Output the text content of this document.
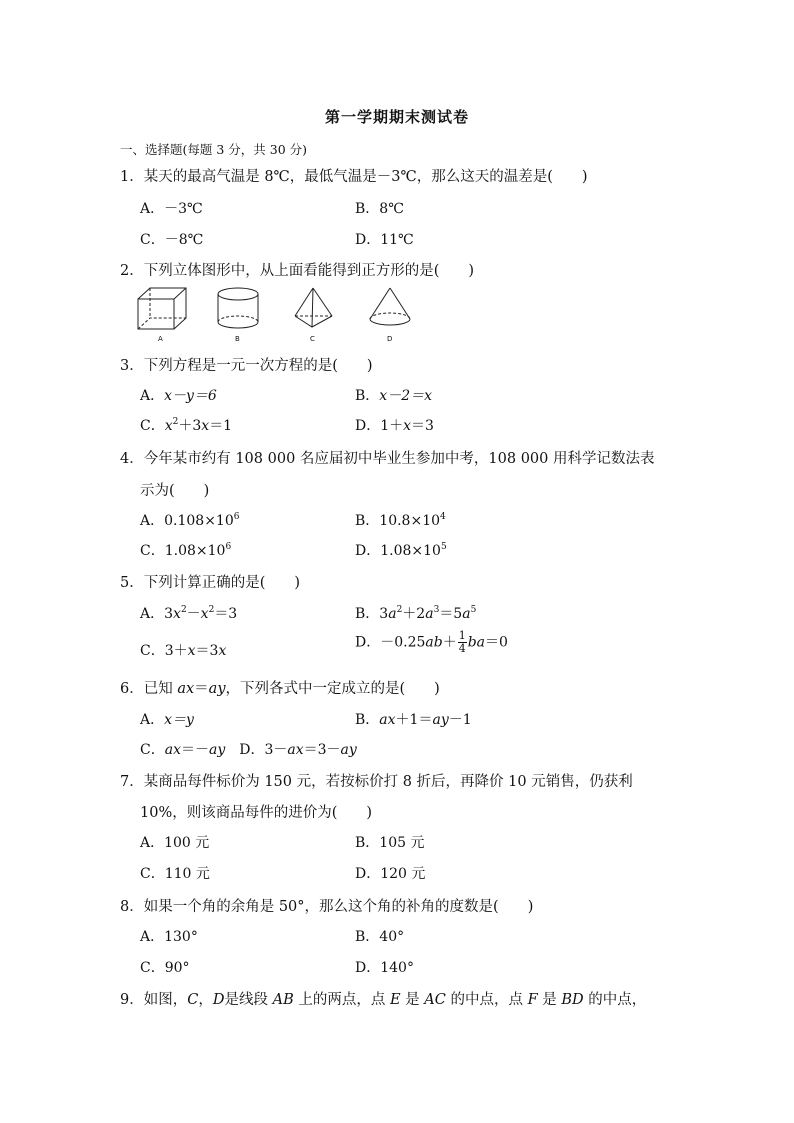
第一学期期末测试卷
一、选择题(每题 3 分，共 30 分)
1．某天的最高气温是 8℃，最低气温是－3℃，那么这天的温差是(　　)
A．－3℃	B．8℃
C．－8℃	D．11℃
2．下列立体图形中，从上面看能得到正方形的是(　　)
A	B	C	D
3．下列方程是一元一次方程的是(　　)
A．x－y＝6	B．x－2＝x
C．$x^2+3x=1$	D．1＋x＝3
4．今年某市约有 108 000 名应届初中毕业生参加中考，108 000 用科学记数法表
示为(　　)
A．$0.108\times 10^6$	B．$10.8\times 10^4$
C．$1.08\times 10^6$	D．$1.08\times 10^5$
5．下列计算正确的是(　　)
A．$3x^2-x^2=3$	B．$3a^2+2a^3=5a^5$
C．3＋x＝3x
D．$-0.25ab+ \frac{1}{4} ba=0$
6．已知 ax＝ay，下列各式中一定成立的是(　　)
A．x＝y	B．ax＋1＝ay－1
C．ax＝－ay  D．3－ax＝3－ay
7．某商品每件标价为 150 元，若按标价打 8 折后，再降价 10 元销售，仍获利
10%，则该商品每件的进价为(　　)
A．100 元	B．105 元
C．110 元	D．120 元
8．如果一个角的余角是 50°，那么这个角的补角的度数是(　　)
A．130°	B．40°
C．90°	D．140°
9．如图，C，D是线段 AB 上的两点，点 E 是 AC 的中点，点 F 是 BD 的中点，
